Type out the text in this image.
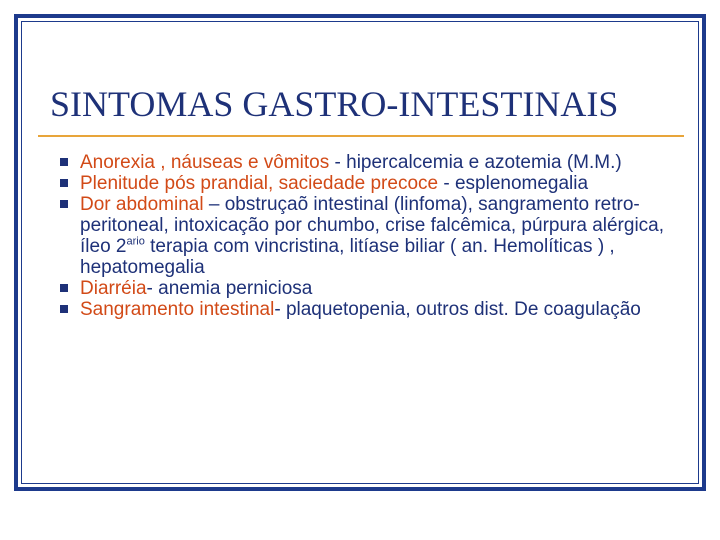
SINTOMAS GASTRO-INTESTINAIS
Anorexia , náuseas e vômitos - hipercalcemia e azotemia (M.M.)
Plenitude pós prandial, saciedade precoce - esplenomegalia
Dor abdominal – obstruçaõ intestinal (linfoma), sangramento retro-peritoneal, intoxicação por chumbo, crise falcêmica, púrpura alérgica, íleo $2^{ario}$ terapia com vincristina, litíase biliar ( an. Hemolíticas ) , hepatomegalia
Diarréia- anemia perniciosa
Sangramento intestinal- plaquetopenia, outros dist. De coagulação
